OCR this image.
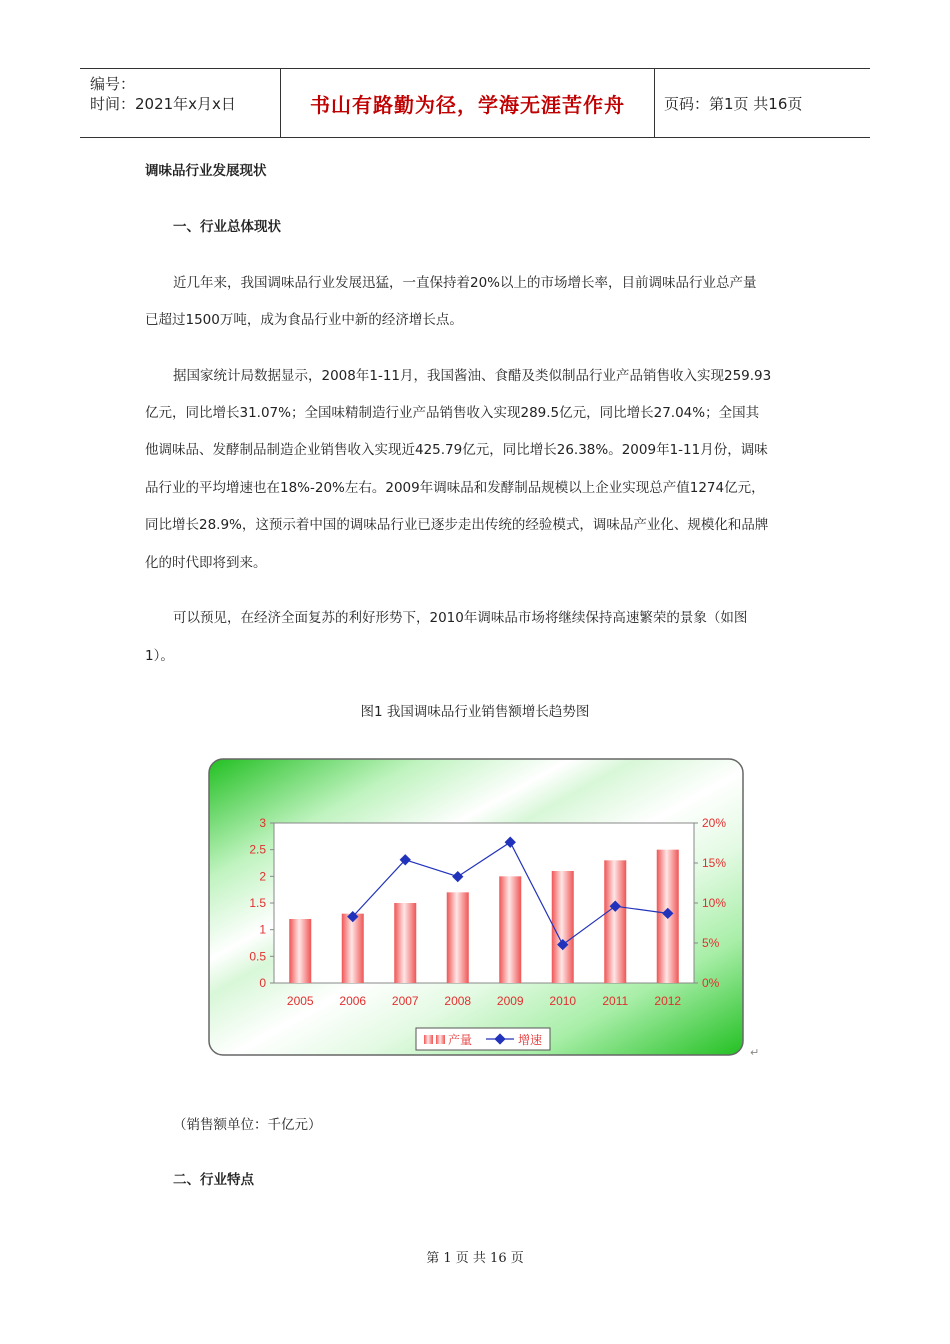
编号：
时间：2021年x月x日	书山有路勤为径，学海无涯苦作舟	页码：第1页 共16页
调味品行业发展现状
一、行业总体现状
近几年来，我国调味品行业发展迅猛，一直保持着20%以上的市场增长率，目前调味品行业总产量
已超过1500万吨，成为食品行业中新的经济增长点。
据国家统计局数据显示，2008年1-11月，我国酱油、食醋及类似制品行业产品销售收入实现259.93
亿元，同比增长31.07%；全国味精制造行业产品销售收入实现289.5亿元，同比增长27.04%；全国其
他调味品、发酵制品制造企业销售收入实现近425.79亿元，同比增长26.38%。2009年1-11月份，调味
品行业的平均增速也在18%-20%左右。2009年调味品和发酵制品规模以上企业实现总产值1274亿元，
同比增长28.9%，这预示着中国的调味品行业已逐步走出传统的经验模式，调味品产业化、规模化和品牌
化的时代即将到来。
可以预见，在经济全面复苏的利好形势下，2010年调味品市场将继续保持高速繁荣的景象（如图
1）。
图1 我国调味品行业销售额增长趋势图
0
0.5
1
1.5
2
2.5
3
0%
5%
10%
15%
20%
2005 2006 2007 2008 2009 2010 2011 2012
产量	增速
↵
（销售额单位：千亿元）
二、行业特点
第 1 页 共 16 页
